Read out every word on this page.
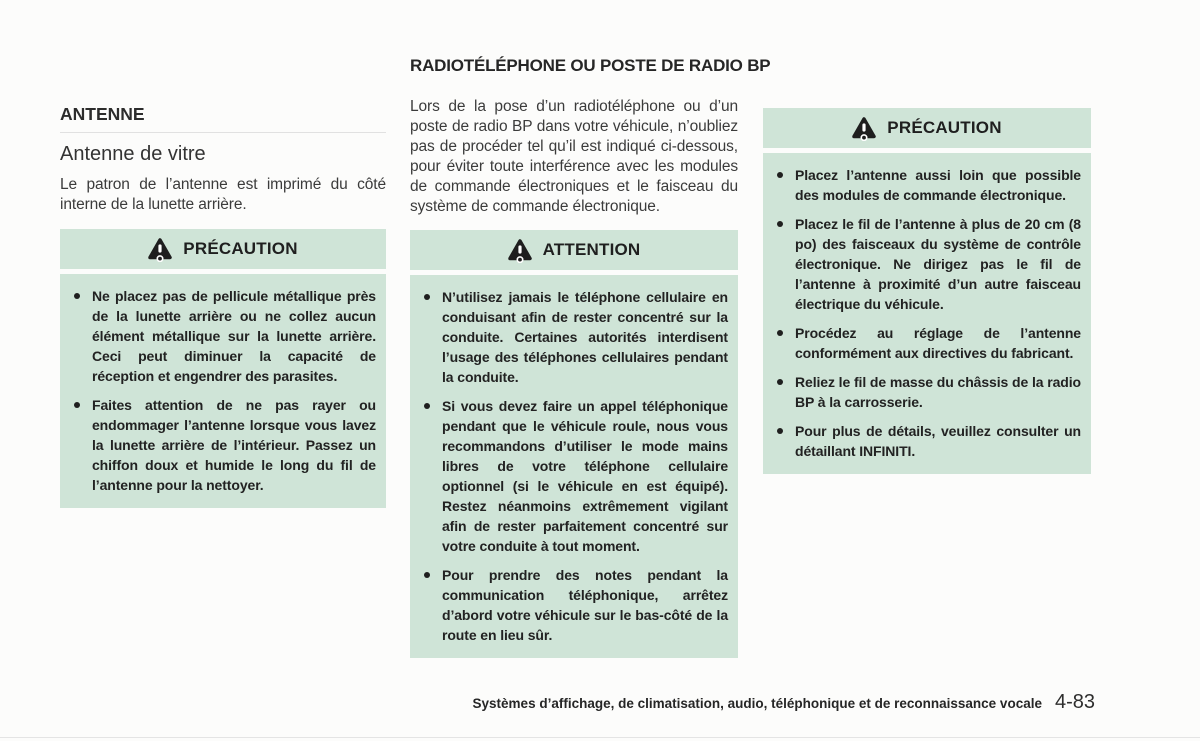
RADIOTÉLÉPHONE OU POSTE DE RADIO BP
ANTENNE
Antenne de vitre

Le patron de l’antenne est imprimé du côté interne de la lunette arrière.

PRÉCAUTION
Ne placez pas de pellicule métallique près de la lunette arrière ou ne collez aucun élément métallique sur la lunette arrière. Ceci peut diminuer la capacité de réception et engendrer des parasites.
Faites attention de ne pas rayer ou endommager l’antenne lorsque vous lavez la lunette arrière de l’intérieur. Passez un chiffon doux et humide le long du fil de l’antenne pour la nettoyer.

Lors de la pose d’un radiotéléphone ou d’un poste de radio BP dans votre véhicule, n’oubliez pas de procéder tel qu’il est indiqué ci-dessous, pour éviter toute interférence avec les modules de commande électroniques et le faisceau du système de commande électronique.

ATTENTION
N’utilisez jamais le téléphone cellulaire en conduisant afin de rester concentré sur la conduite. Certaines autorités interdisent l’usage des téléphones cellulaires pendant la conduite.
Si vous devez faire un appel téléphonique pendant que le véhicule roule, nous vous recommandons d’utiliser le mode mains libres de votre téléphone cellulaire optionnel (si le véhicule en est équipé). Restez néanmoins extrêmement vigilant afin de rester parfaitement concentré sur votre conduite à tout moment.
Pour prendre des notes pendant la communication téléphonique, arrêtez d’abord votre véhicule sur le bas-côté de la route en lieu sûr.
PRÉCAUTION
Placez l’antenne aussi loin que possible des modules de commande électronique.
Placez le fil de l’antenne à plus de 20 cm (8 po) des faisceaux du système de contrôle électronique. Ne dirigez pas le fil de l’antenne à proximité d’un autre faisceau électrique du véhicule.
Procédez au réglage de l’antenne conformément aux directives du fabricant.
Reliez le fil de masse du châssis de la radio BP à la carrosserie.
Pour plus de détails, veuillez consulter un détaillant INFINITI.
Systèmes d’affichage, de climatisation, audio, téléphonique et de reconnaissance vocale 4-83
